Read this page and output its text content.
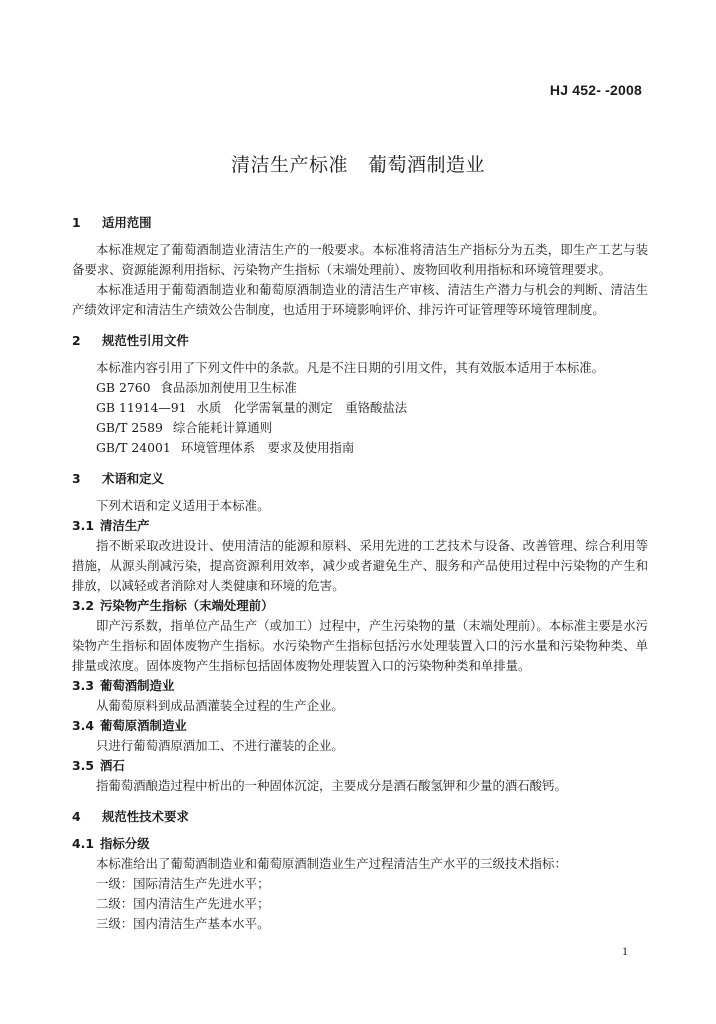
HJ 452- -2008
清洁生产标准 葡萄酒制造业
1 适用范围
本标准规定了葡萄酒制造业清洁生产的一般要求。本标准将清洁生产指标分为五类，即生产工艺与装备要求、资源能源利用指标、污染物产生指标（末端处理前）、废物回收利用指标和环境管理要求。
本标准适用于葡萄酒制造业和葡萄原酒制造业的清洁生产审核、清洁生产潜力与机会的判断、清洁生产绩效评定和清洁生产绩效公告制度，也适用于环境影响评价、排污许可证管理等环境管理制度。
2 规范性引用文件
本标准内容引用了下列文件中的条款。凡是不注日期的引用文件，其有效版本适用于本标准。
GB 2760 食品添加剂使用卫生标准
GB 11914—91 水质　化学需氧量的测定　重铬酸盐法
GB/T 2589 综合能耗计算通则
GB/T 24001 环境管理体系　要求及使用指南
3 术语和定义
下列术语和定义适用于本标准。
3.1 清洁生产
指不断采取改进设计、使用清洁的能源和原料、采用先进的工艺技术与设备、改善管理、综合利用等措施，从源头削减污染，提高资源利用效率，减少或者避免生产、服务和产品使用过程中污染物的产生和排放，以减轻或者消除对人类健康和环境的危害。
3.2 污染物产生指标（末端处理前）
即产污系数，指单位产品生产（或加工）过程中，产生污染物的量（末端处理前）。本标准主要是水污染物产生指标和固体废物产生指标。水污染物产生指标包括污水处理装置入口的污水量和污染物种类、单排量或浓度。固体废物产生指标包括固体废物处理装置入口的污染物种类和单排量。
3.3 葡萄酒制造业
从葡萄原料到成品酒灌装全过程的生产企业。
3.4 葡萄原酒制造业
只进行葡萄酒原酒加工、不进行灌装的企业。
3.5 酒石
指葡萄酒酿造过程中析出的一种固体沉淀，主要成分是酒石酸氢钾和少量的酒石酸钙。
4 规范性技术要求
4.1 指标分级
本标准给出了葡萄酒制造业和葡萄原酒制造业生产过程清洁生产水平的三级技术指标：
一级：国际清洁生产先进水平；
二级：国内清洁生产先进水平；
三级：国内清洁生产基本水平。
1
